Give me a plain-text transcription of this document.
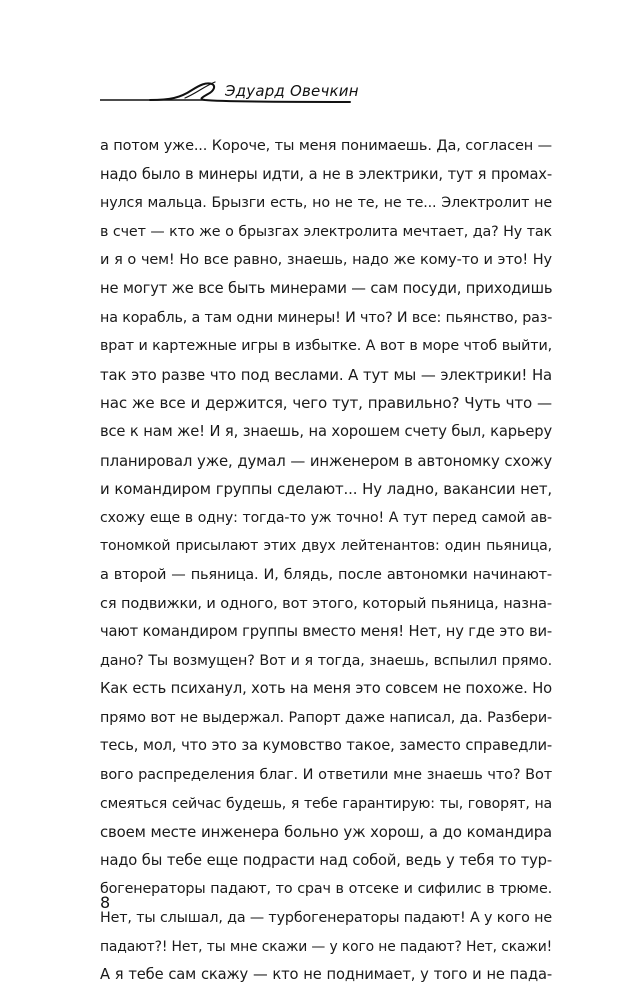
Эдуард Овечкин
а потом уже... Короче, ты меня понимаешь. Да, согласен —
надо было в минеры идти, а не в электрики, тут я промах-
нулся мальца. Брызги есть, но не те, не те... Электролит не
в счет — кто же о брызгах электролита мечтает, да? Ну так
и я о чем! Но все равно, знаешь, надо же кому-то и это! Ну
не могут же все быть минерами — сам посуди, приходишь
на корабль, а там одни минеры! И что? И все: пьянство, раз-
врат и картежные игры в избытке. А вот в море чтоб выйти,
так это разве что под веслами. А тут мы — электрики! На
нас же все и держится, чего тут, правильно? Чуть что —
все к нам же! И я, знаешь, на хорошем счету был, карьеру
планировал уже, думал — инженером в автономку схожу
и командиром группы сделают... Ну ладно, вакансии нет,
схожу еще в одну: тогда-то уж точно! А тут перед самой ав-
тономкой присылают этих двух лейтенантов: один пьяница,
а второй — пьяница. И, блядь, после автономки начинают-
ся подвижки, и одного, вот этого, который пьяница, назна-
чают командиром группы вместо меня! Нет, ну где это ви-
дано? Ты возмущен? Вот и я тогда, знаешь, вспылил прямо.
Как есть психанул, хоть на меня это совсем не похоже. Но
прямо вот не выдержал. Рапорт даже написал, да. Разбери-
тесь, мол, что это за кумовство такое, заместо справедли-
вого распределения благ. И ответили мне знаешь что? Вот
смеяться сейчас будешь, я тебе гарантирую: ты, говорят, на
своем месте инженера больно уж хорош, а до командира
надо бы тебе еще подрасти над собой, ведь у тебя то тур-
богенераторы падают, то срач в отсеке и сифилис в трюме.
Нет, ты слышал, да — турбогенераторы падают! А у кого не
падают?! Нет, ты мне скажи — у кого не падают? Нет, скажи!
А я тебе сам скажу — кто не поднимает, у того и не пада-
8
